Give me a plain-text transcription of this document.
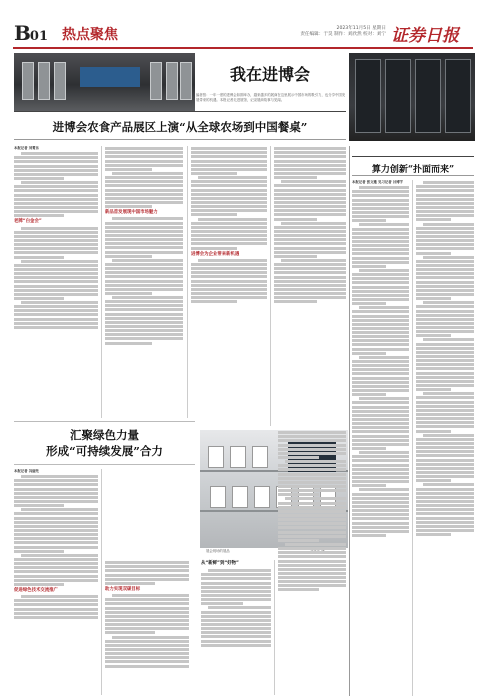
B01 热点聚焦	2023年11月5日 星期日
责任编辑：于昊 制作：刘欣然 校对：刘宁 证券日报
我在进博会
编者按：一年一度的进博会如期举办，越来越多的展商在这里展示中国市场的吸引力，也分享中国发展带来的机遇。本报记者走进展馆，记录展商故事与见闻。
进博会农食产品展区上演“从全球农场到中国餐桌”
本报记者 刘菁乐
老牌“白金会”
新品首发展现中国市场魅力
进博会为企业带来新机遇
汇聚绿色力量
形成“可持续发展”合力
本报记者 冯丽先
促进绿色技术交流推广	助力实现双碳目标
展会现场的展品
从“新鲜”到“好物”
算力创新“扑面而来”
本报记者 张文雅 见习记者 吕博宇
